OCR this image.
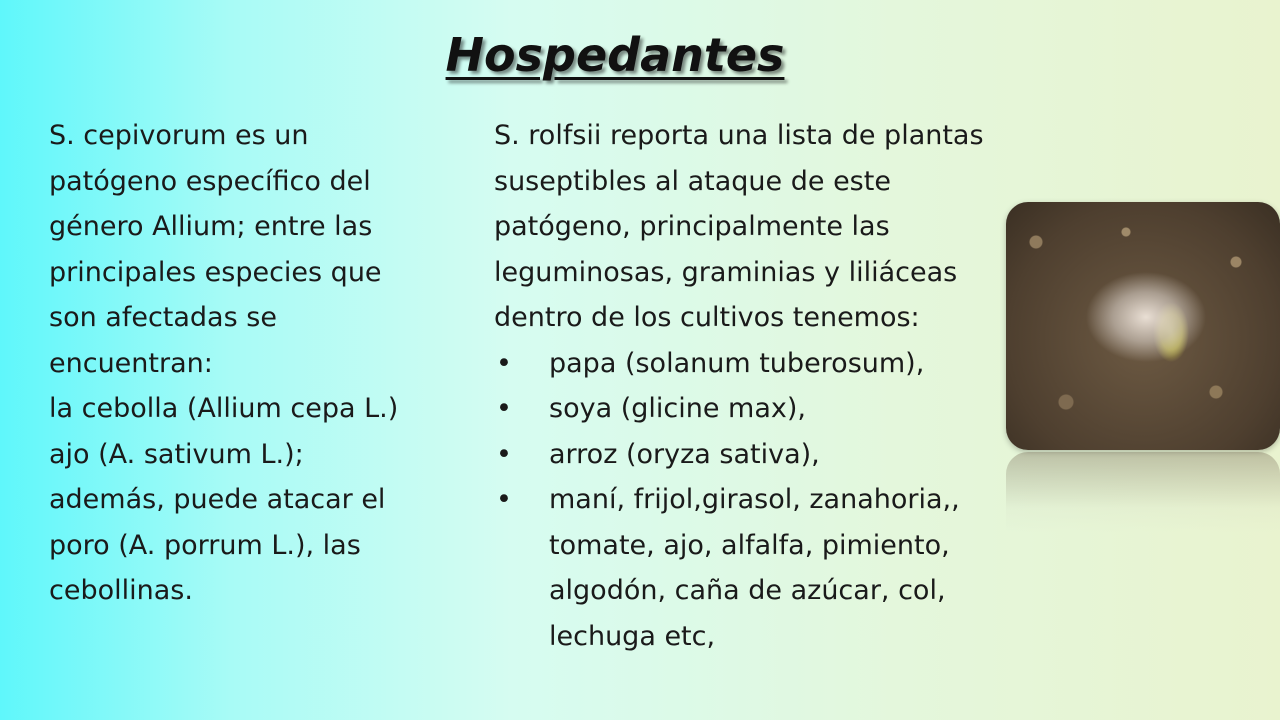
Hospedantes
S. cepivorum es un
patógeno específico del
género Allium; entre las
principales especies que
son afectadas se
encuentran:
la cebolla (Allium cepa L.)
ajo (A. sativum L.);
además, puede atacar el
poro (A. porrum L.), las
cebollinas.
S. rolfsii reporta una lista de plantas
suseptibles al ataque de este
patógeno, principalmente las
leguminosas, graminias y liliáceas
dentro de los cultivos tenemos:
•	papa (solanum tuberosum),
•	soya (glicine max),
•	arroz (oryza sativa),
•	maní, frijol,girasol, zanahoria,,
tomate, ajo, alfalfa, pimiento,
algodón, caña de azúcar, col,
lechuga etc,
